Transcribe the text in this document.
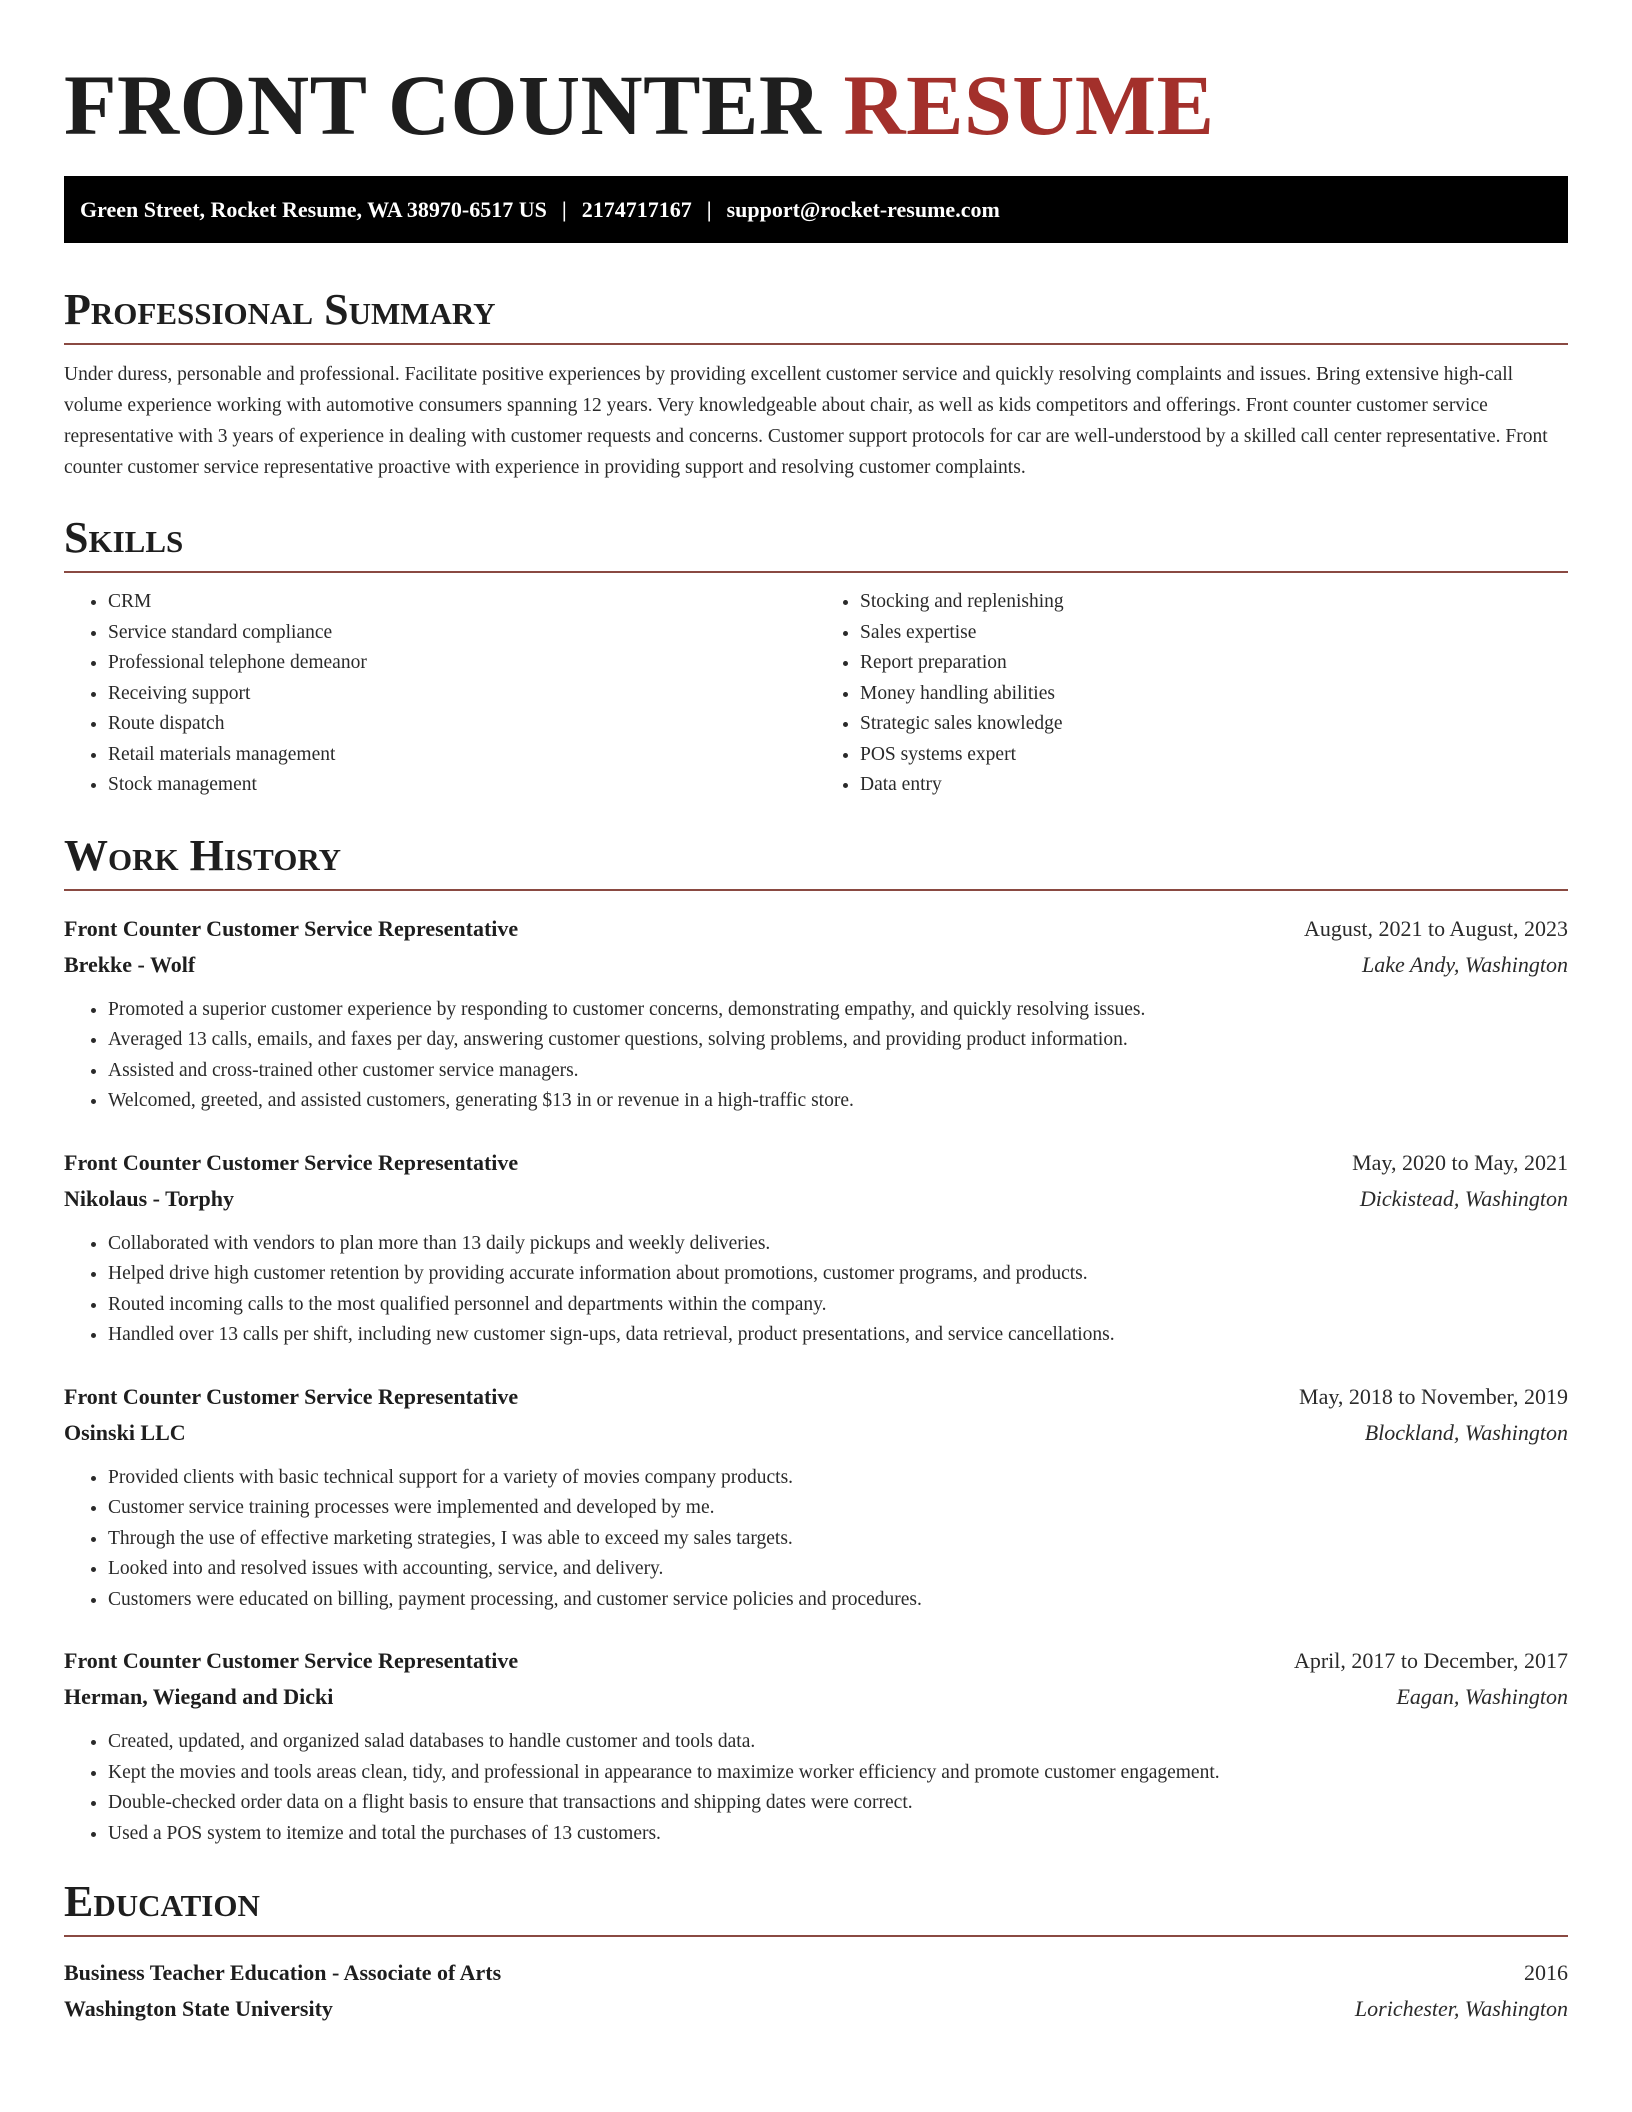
FRONT COUNTER RESUME
Green Street, Rocket Resume, WA 38970-6517 US | 2174717167 | support@rocket-resume.com
Professional Summary

Under duress, personable and professional. Facilitate positive experiences by providing excellent customer service and quickly resolving complaints and issues. Bring extensive high-call volume experience working with automotive consumers spanning 12 years. Very knowledgeable about chair, as well as kids competitors and offerings. Front counter customer service representative with 3 years of experience in dealing with customer requests and concerns. Customer support protocols for car are well-understood by a skilled call center representative. Front counter customer service representative proactive with experience in providing support and resolving customer complaints.

Skills
• CRM
• Service standard compliance
• Professional telephone demeanor
• Receiving support
• Route dispatch
• Retail materials management
• Stock management
• Stocking and replenishing
• Sales expertise
• Report preparation
• Money handling abilities
• Strategic sales knowledge
• POS systems expert
• Data entry
Work History
Front Counter Customer Service Representative	August, 2021 to August, 2023
Brekke - Wolf	Lake Andy, Washington
• Promoted a superior customer experience by responding to customer concerns, demonstrating empathy, and quickly resolving issues.
• Averaged 13 calls, emails, and faxes per day, answering customer questions, solving problems, and providing product information.
• Assisted and cross-trained other customer service managers.
• Welcomed, greeted, and assisted customers, generating $13 in or revenue in a high-traffic store.
Front Counter Customer Service Representative	May, 2020 to May, 2021
Nikolaus - Torphy	Dickistead, Washington
• Collaborated with vendors to plan more than 13 daily pickups and weekly deliveries.
• Helped drive high customer retention by providing accurate information about promotions, customer programs, and products.
• Routed incoming calls to the most qualified personnel and departments within the company.
• Handled over 13 calls per shift, including new customer sign-ups, data retrieval, product presentations, and service cancellations.
Front Counter Customer Service Representative	May, 2018 to November, 2019
Osinski LLC	Blockland, Washington
• Provided clients with basic technical support for a variety of movies company products.
• Customer service training processes were implemented and developed by me.
• Through the use of effective marketing strategies, I was able to exceed my sales targets.
• Looked into and resolved issues with accounting, service, and delivery.
• Customers were educated on billing, payment processing, and customer service policies and procedures.
Front Counter Customer Service Representative	April, 2017 to December, 2017
Herman, Wiegand and Dicki	Eagan, Washington
• Created, updated, and organized salad databases to handle customer and tools data.
• Kept the movies and tools areas clean, tidy, and professional in appearance to maximize worker efficiency and promote customer engagement.
• Double-checked order data on a flight basis to ensure that transactions and shipping dates were correct.
• Used a POS system to itemize and total the purchases of 13 customers.
Education
Business Teacher Education - Associate of Arts	2016
Washington State University	Lorichester, Washington
